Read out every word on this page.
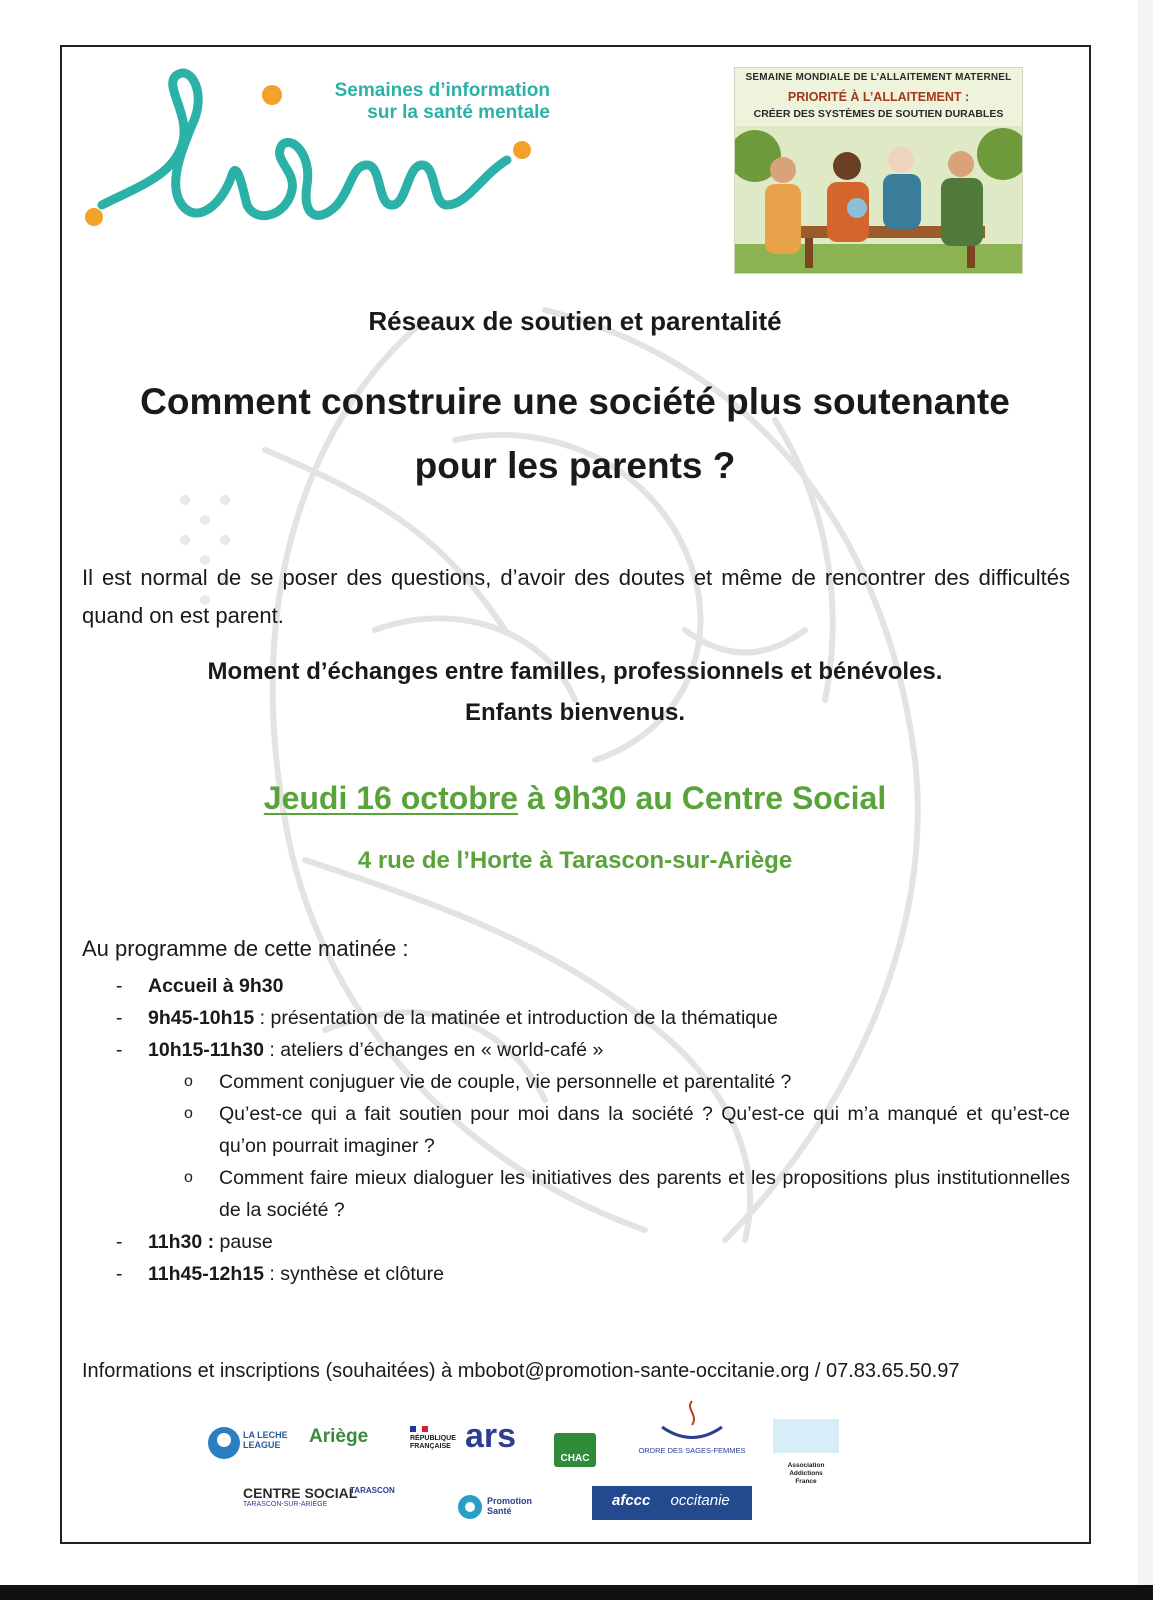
Semaines d’information
sur la santé mentale
SEMAINE MONDIALE DE L’ALLAITEMENT MATERNEL
PRIORITÉ À L’ALLAITEMENT :
CRÉER DES SYSTÈMES DE SOUTIEN DURABLES
Réseaux de soutien et parentalité
Comment construire une société plus soutenante
pour les parents ?
Il est normal de se poser des questions, d’avoir des doutes et même de rencontrer des difficultés quand on est parent.
Moment d’échanges entre familles, professionnels et bénévoles.
Enfants bienvenus.
Jeudi 16 octobre à 9h30 au Centre Social
4 rue de l’Horte à Tarascon-sur-Ariège
Au programme de cette matinée :
- Accueil à 9h30
- 9h45-10h15 : présentation de la matinée et introduction de la thématique
- 10h15-11h30 : ateliers d’échanges en « world-café »
o Comment conjuguer vie de couple, vie personnelle et parentalité ?
o Qu’est-ce qui a fait soutien pour moi dans la société ? Qu’est-ce qui m’a manqué et qu’est-ce qu’on pourrait imaginer ?
o Comment faire mieux dialoguer les initiatives des parents et les propositions plus institutionnelles de la société ?
- 11h30 : pause
- 11h45-12h15 : synthèse et clôture
Informations et inscriptions (souhaitées) à mbobot@promotion-sante-occitanie.org / 07.83.65.50.97
LA LECHE
LEAGUE	Ariège	RÉPUBLIQUE
FRANÇAISE ars
CHAC
ORDRE DES SAGES-FEMMES
Association
Addictions
France
CENTRE SOCIAL
TARASCON-SUR-ARIÈGE
TARASCON
Promotion
Santé
afccc occitanie
